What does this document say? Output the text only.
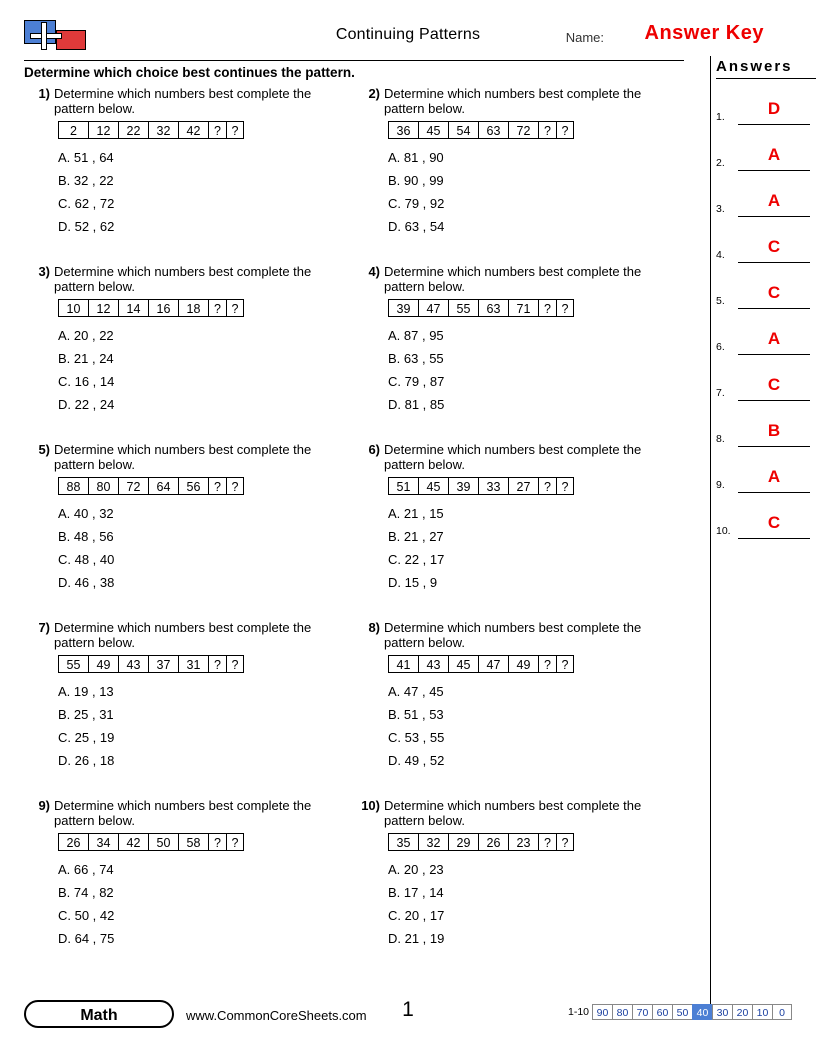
Continuing Patterns	Name: Answer Key
Determine which choice best continues the pattern.
1) Determine which numbers best complete the pattern below.
2	12	22	32	42	? ?
A. 51 , 64
B. 32 , 22
C. 62 , 72
D. 52 , 62
2) Determine which numbers best complete the pattern below.
36	45	54	63	72	? ?
A. 81 , 90
B. 90 , 99
C. 79 , 92
D. 63 , 54
3) Determine which numbers best complete the pattern below.
10	12	14	16	18	? ?
A. 20 , 22
B. 21 , 24
C. 16 , 14
D. 22 , 24
4) Determine which numbers best complete the pattern below.
39	47	55	63	71	? ?
A. 87 , 95
B. 63 , 55
C. 79 , 87
D. 81 , 85
5) Determine which numbers best complete the pattern below.
88	80	72	64	56	? ?
A. 40 , 32
B. 48 , 56
C. 48 , 40
D. 46 , 38
6) Determine which numbers best complete the pattern below.
51	45	39	33	27	? ?
A. 21 , 15
B. 21 , 27
C. 22 , 17
D. 15 , 9
7) Determine which numbers best complete the pattern below.
55	49	43	37	31	? ?
A. 19 , 13
B. 25 , 31
C. 25 , 19
D. 26 , 18
8) Determine which numbers best complete the pattern below.
41	43	45	47	49	? ?
A. 47 , 45
B. 51 , 53
C. 53 , 55
D. 49 , 52
9) Determine which numbers best complete the pattern below.
26	34	42	50	58	? ?
A. 66 , 74
B. 74 , 82
C. 50 , 42
D. 64 , 75
10) Determine which numbers best complete the pattern below.
35	32	29	26	23	? ?
A. 20 , 23
B. 17 , 14
C. 20 , 17
D. 21 , 19
Answers
1.	D
2.	A
3.	A
4.	C
5.	C
6.	A
7.	C
8.	B
9.	A
10.	C
Math	www.CommonCoreSheets.com	1	1-10 90 80 70 60 50 40 30 20 10	0
